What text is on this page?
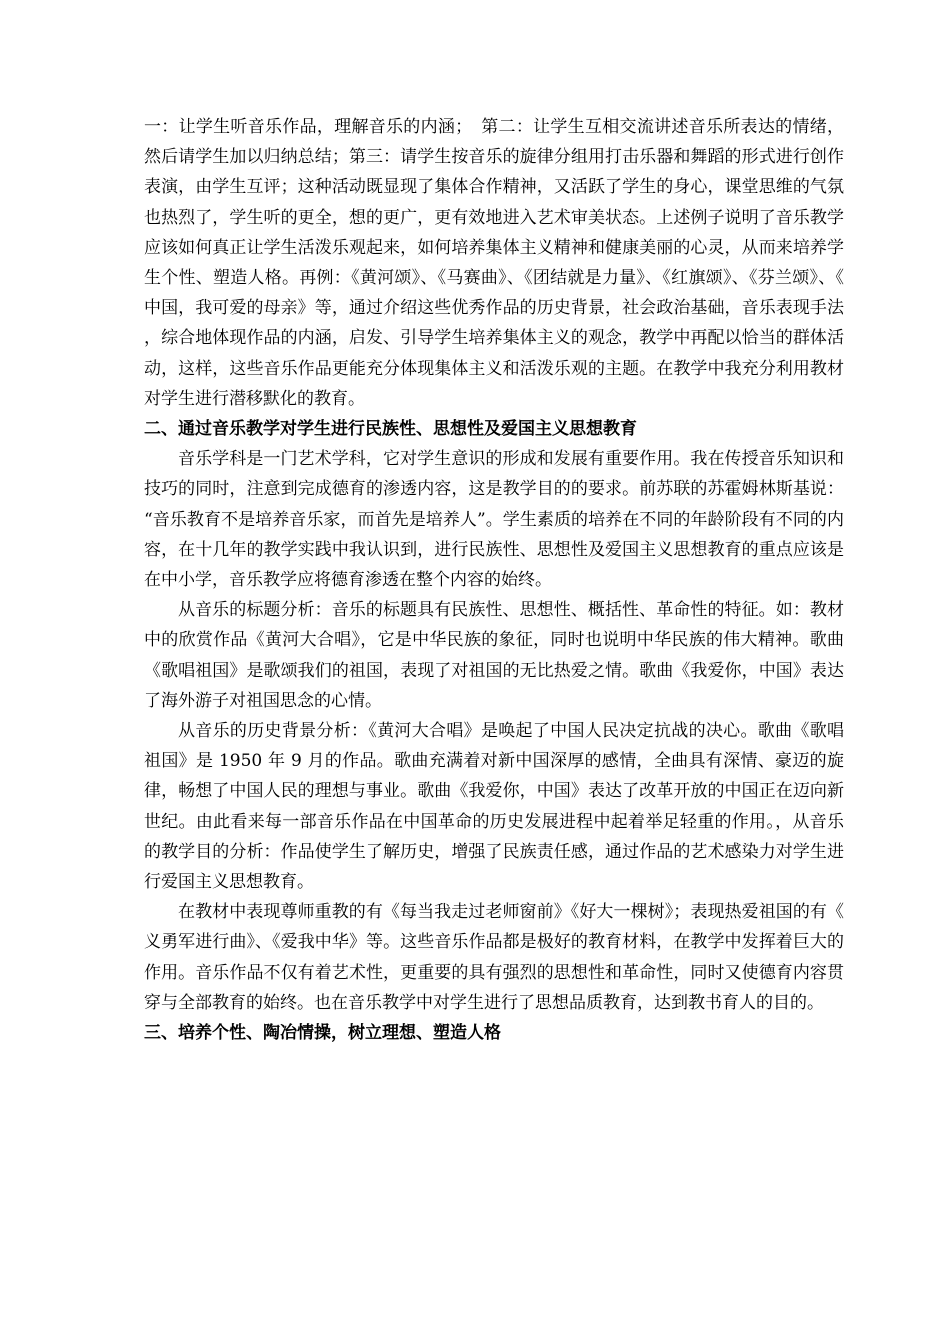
一：让学生听音乐作品，理解音乐的内涵；　第二：让学生互相交流讲述音乐所表达的情绪，然后请学生加以归纳总结；第三：请学生按音乐的旋律分组用打击乐器和舞蹈的形式进行创作表演，由学生互评；这种活动既显现了集体合作精神，又活跃了学生的身心，课堂思维的气氛也热烈了，学生听的更全，想的更广，更有效地进入艺术审美状态。上述例子说明了音乐教学应该如何真正让学生活泼乐观起来，如何培养集体主义精神和健康美丽的心灵，从而来培养学生个性、塑造人格。再例：《黄河颂》、《马赛曲》、《团结就是力量》、《红旗颂》、《芬兰颂》、《中国，我可爱的母亲》等，通过介绍这些优秀作品的历史背景，社会政治基础，音乐表现手法，综合地体现作品的内涵，启发、引导学生培养集体主义的观念，教学中再配以恰当的群体活动，这样，这些音乐作品更能充分体现集体主义和活泼乐观的主题。在教学中我充分利用教材对学生进行潜移默化的教育。

二、通过音乐教学对学生进行民族性、思想性及爱国主义思想教育

音乐学科是一门艺术学科，它对学生意识的形成和发展有重要作用。我在传授音乐知识和技巧的同时，注意到完成德育的渗透内容，这是教学目的的要求。前苏联的苏霍姆林斯基说：“音乐教育不是培养音乐家，而首先是培养人”。学生素质的培养在不同的年龄阶段有不同的内容，在十几年的教学实践中我认识到，进行民族性、思想性及爱国主义思想教育的重点应该是在中小学，音乐教学应将德育渗透在整个内容的始终。

从音乐的标题分析：音乐的标题具有民族性、思想性、概括性、革命性的特征。如：教材中的欣赏作品《黄河大合唱》，它是中华民族的象征，同时也说明中华民族的伟大精神。歌曲《歌唱祖国》是歌颂我们的祖国，表现了对祖国的无比热爱之情。歌曲《我爱你，中国》表达了海外游子对祖国思念的心情。

从音乐的历史背景分析：《黄河大合唱》是唤起了中国人民决定抗战的决心。歌曲《歌唱祖国》是 1950 年 9 月的作品。歌曲充满着对新中国深厚的感情，全曲具有深情、豪迈的旋律，畅想了中国人民的理想与事业。歌曲《我爱你，中国》表达了改革开放的中国正在迈向新世纪。由此看来每一部音乐作品在中国革命的历史发展进程中起着举足轻重的作用。，从音乐的教学目的分析：作品使学生了解历史，增强了民族责任感，通过作品的艺术感染力对学生进行爱国主义思想教育。

在教材中表现尊师重教的有《每当我走过老师窗前》《好大一棵树》；表现热爱祖国的有《义勇军进行曲》、《爱我中华》等。这些音乐作品都是极好的教育材料，在教学中发挥着巨大的作用。音乐作品不仅有着艺术性，更重要的具有强烈的思想性和革命性，同时又使德育内容贯穿与全部教育的始终。也在音乐教学中对学生进行了思想品质教育，达到教书育人的目的。

三、培养个性、陶冶情操，树立理想、塑造人格
